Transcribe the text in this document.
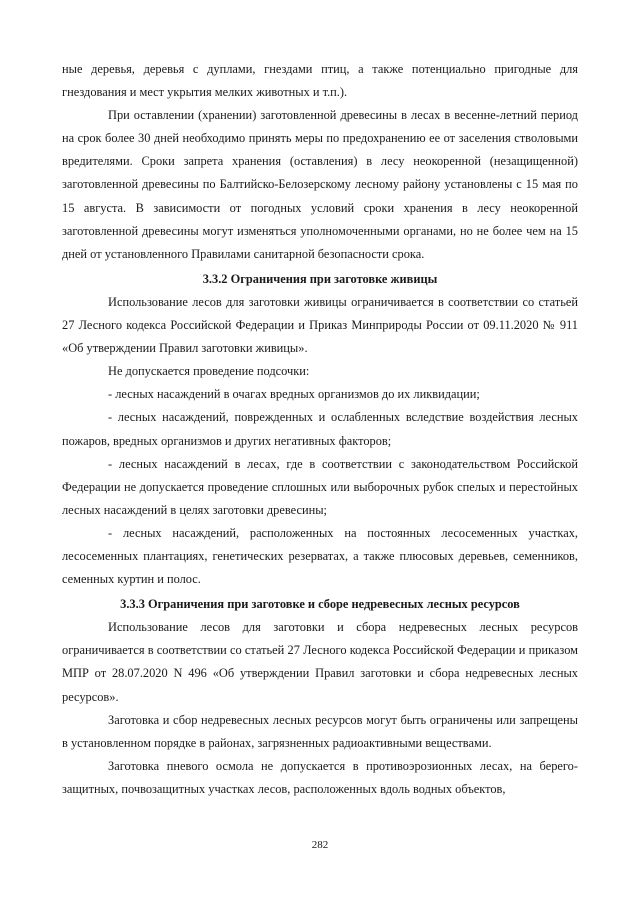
ные деревья, деревья с дуплами, гнездами птиц, а также потенциально пригодные для гнездования и мест укрытия мелких животных и т.п.).

При оставлении (хранении) заготовленной древесины в лесах в весенне-летний период на срок более 30 дней необходимо принять меры по предохранению ее от заселения стволовыми вредителями. Сроки запрета хранения (оставления) в лесу неокоренной (незащищенной) заготовленной древесины по Балтийско-Белозерскому лесному району установлены с 15 мая по 15 августа. В зависимости от погодных условий сроки хранения в лесу неокоренной заготовленной древесины могут изменяться уполномоченными органами, но не более чем на 15 дней от установленного Правилами санитарной безопасности срока.

3.3.2 Ограничения при заготовке живицы

Использование лесов для заготовки живицы ограничивается в соответствии со статьей 27 Лесного кодекса Российской Федерации и Приказ Минприроды России от 09.11.2020 № 911 «Об утверждении Правил заготовки живицы».

Не допускается проведение подсочки:

- лесных насаждений в очагах вредных организмов до их ликвидации;

- лесных насаждений, поврежденных и ослабленных вследствие воздействия лесных пожаров, вредных организмов и других негативных факторов;

- лесных насаждений в лесах, где в соответствии с законодательством Российской Федерации не допускается проведение сплошных или выборочных рубок спелых и перестойных лесных насаждений в целях заготовки древесины;

- лесных насаждений, расположенных на постоянных лесосеменных участках, лесосеменных плантациях, генетических резерватах, а также плюсовых деревьев, семенников, семенных куртин и полос.

3.3.3 Ограничения при заготовке и сборе недревесных лесных ресурсов

Использование лесов для заготовки и сбора недревесных лесных ресурсов ограничивается в соответствии со статьей 27 Лесного кодекса Российской Федерации и приказом МПР от 28.07.2020 N 496 «Об утверждении Правил заготовки и сбора недревесных лесных ресурсов».

Заготовка и сбор недревесных лесных ресурсов могут быть ограничены или запрещены в установленном порядке в районах, загрязненных радиоактивными веществами.

Заготовка пневого осмола не допускается в противоэрозионных лесах, на берего-защитных, почвозащитных участках лесов, расположенных вдоль водных объектов,

282
